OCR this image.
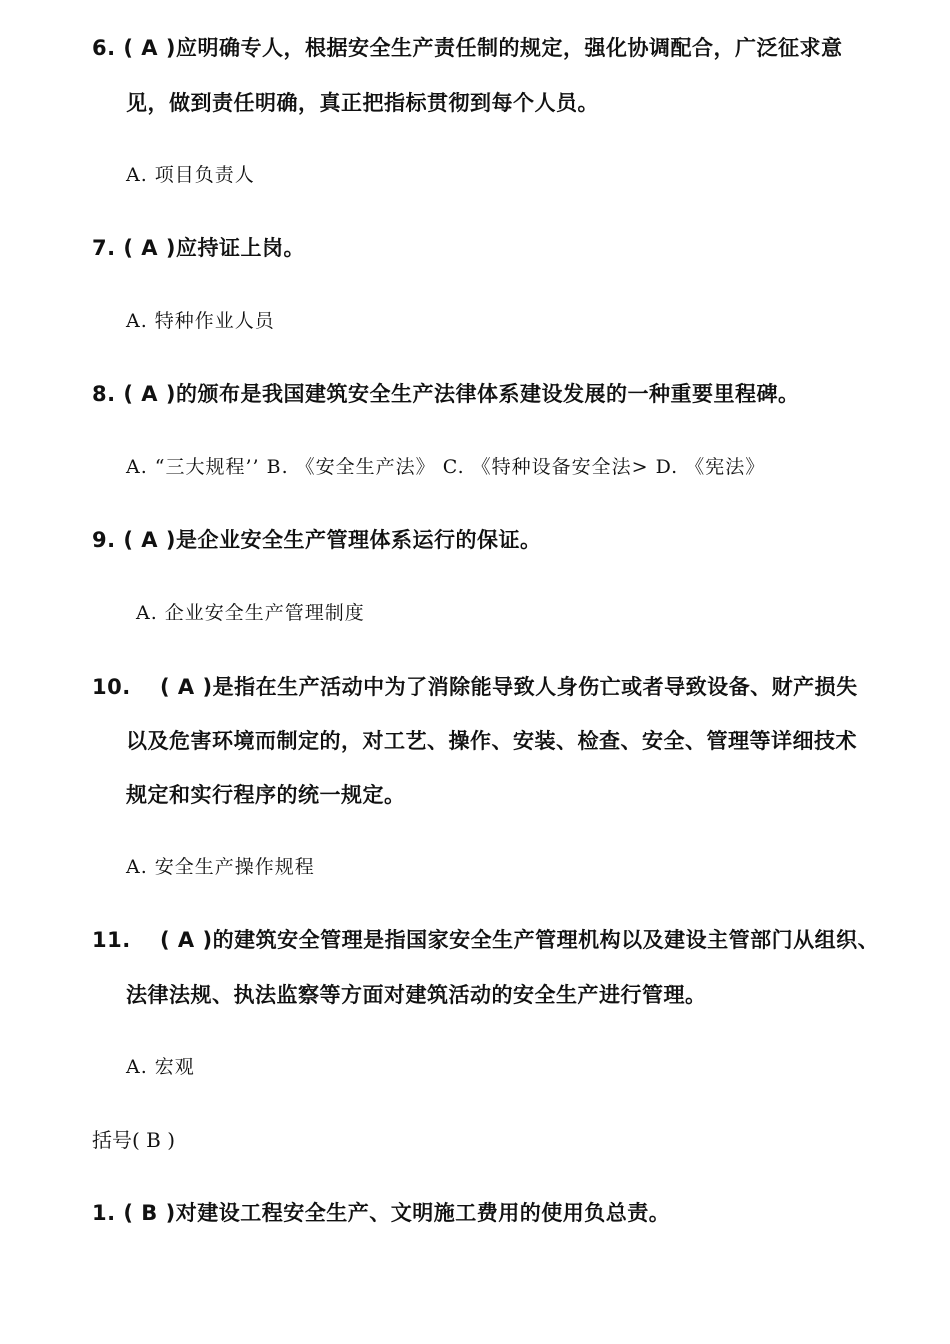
6. ( A )应明确专人，根据安全生产责任制的规定，强化协调配合，广泛征求意
见，做到责任明确，真正把指标贯彻到每个人员。
A. 项目负责人
7. ( A )应持证上岗。
A. 特种作业人员
8. ( A )的颁布是我国建筑安全生产法律体系建设发展的一种重要里程碑。
A. “三大规程’’ B. 《安全生产法》 C. 《特种设备安全法> D. 《宪法》
9. ( A )是企业安全生产管理体系运行的保证。
A. 企业安全生产管理制度
10. ( A )是指在生产活动中为了消除能导致人身伤亡或者导致设备、财产损失
以及危害环境而制定的，对工艺、操作、安装、检查、安全、管理等详细技术
规定和实行程序的统一规定。
A. 安全生产操作规程
11. ( A )的建筑安全管理是指国家安全生产管理机构以及建设主管部门从组织、
法律法规、执法监察等方面对建筑活动的安全生产进行管理。
A. 宏观
括号( B )
1. ( B )对建设工程安全生产、文明施工费用的使用负总责。
